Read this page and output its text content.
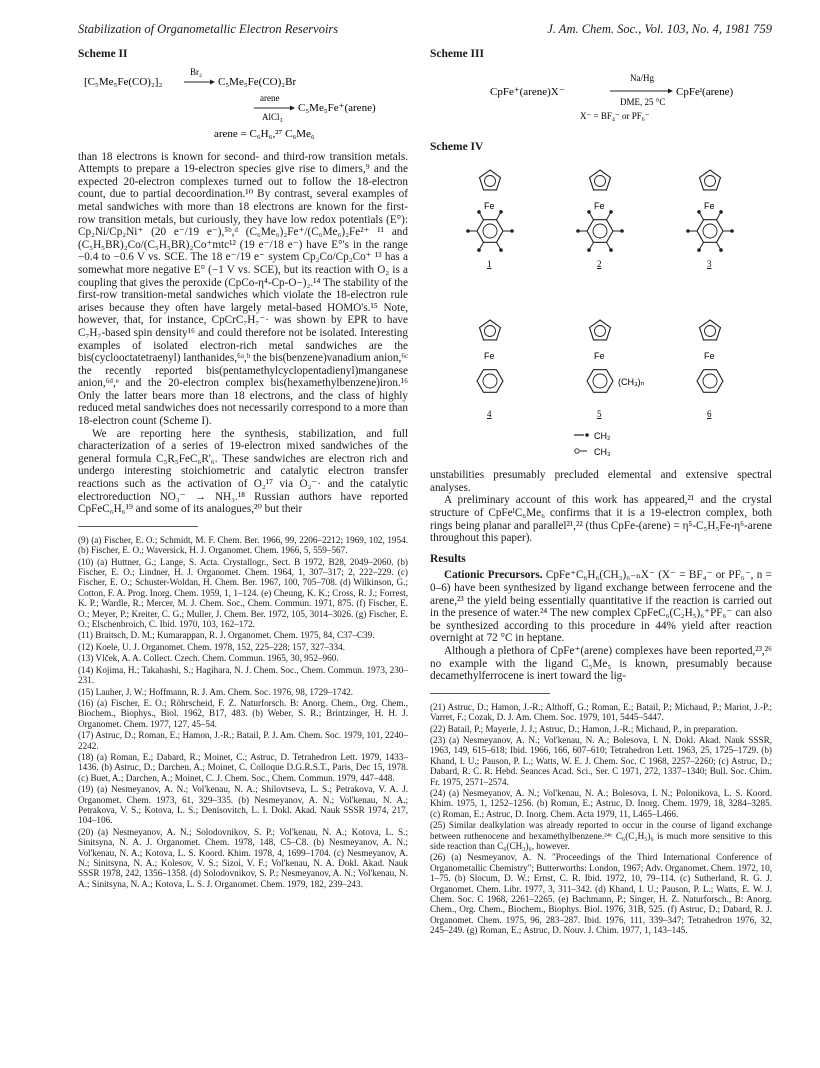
Stabilization of Organometallic Electron Reservoirs	J. Am. Chem. Soc., Vol. 103, No. 4, 1981 759
Scheme II
[C₅Me₅Fe(CO)₂]₂
Br₂
C₅Me₅Fe(CO)₂Br
arene
AlCl₃
C₅Me₅Fe⁺(arene)
arene = C₆H₆,²⁷ C₆Me₆

than 18 electrons is known for second- and third-row transition metals. Attempts to prepare a 19-electron species give rise to dimers,⁹ and the expected 20-electron complexes turned out to follow the 18-electron count, due to partial decoordination.¹⁰ By contrast, several examples of metal sandwiches with more than 18 electrons are known for the first-row transition metals, but curiously, they have low redox potentials (E°): Cp₂Ni/Cp₂Ni⁺ (20 e⁻/19 e⁻),⁵ᵇ,ᵈ (C₆Me₆)₂Fe⁺/(C₆Me₆)₂Fe²⁺ ¹¹ and (C₅H₅BR)₂Co/(C₅H₅BR)₂Co⁺mtc¹² (19 e⁻/18 e⁻) have E°'s in the range −0.4 to −0.6 V vs. SCE. The 18 e⁻/19 e⁻ system Cp₂Co/Cp₂Co⁺ ¹³ has a somewhat more negative E° (−1 V vs. SCE), but its reaction with O₂ is a coupling that gives the peroxide (CpCo-η⁴-Cp-O−)₂.¹⁴ The stability of the first-row transition-metal sandwiches which violate the 18-electron rule arises because they often have largely metal-based HOMO's.¹⁵ Note, however, that, for instance, CpCrC₇H₇⁻· was shown by EPR to have C₇H₇-based spin density¹⁶ and could therefore not be isolated. Interesting examples of isolated electron-rich metal sandwiches are the bis(cyclooctatetraenyl) lanthanides,⁶ᵃ,ᵇ the bis(benzene)vanadium anion,⁶ᶜ the recently reported bis(pentamethylcyclopentadienyl)manganese anion,⁶ᵈ,ᵉ and the 20-electron complex bis(hexamethylbenzene)iron.¹⁶ Only the latter bears more than 18 electrons, and the class of highly reduced metal sandwiches does not necessarily correspond to a more than 18-electron count (Scheme I).

We are reporting here the synthesis, stabilization, and full characterization of a series of 19-electron mixed sandwiches of the general formula C₅R₅FeC₆R'₆. These sandwiches are electron rich and undergo interesting stoichiometric and catalytic electron transfer reactions such as the activation of O₂¹⁷ via O₂⁻· and the catalytic electroreduction NO₃⁻ → NH₃.¹⁸ Russian authors have reported CpFeC₆H₆¹⁹ and some of its analogues,²⁰ but their

(9) (a) Fischer, E. O.; Schmidt, M. F. Chem. Ber. 1966, 99, 2206–2212; 1969, 102, 1954. (b) Fischer, E. O.; Waversick, H. J. Organomet. Chem. 1966, 5, 559–567.
(10) (a) Huttner, G.; Lange, S. Acta. Crystallogr., Sect. B 1972, B28, 2049–2060. (b) Fischer, E. O.; Lindner, H. J. Organomet. Chem. 1964, 1, 307–317; 2, 222–229. (c) Fischer, E. O.; Schuster-Woldan, H. Chem. Ber. 1967, 100, 705–708. (d) Wilkinson, G.; Cotton, F. A. Prog. Inorg. Chem. 1959, 1, 1–124. (e) Cheung, K. K.; Cross, R. J.; Forrest, K. P.; Wardle, R.; Mercer, M. J. Chem. Soc., Chem. Commun. 1971, 875. (f) Fischer, E. O.; Meyer, P.; Kreiter, C. G.; Muller, J. Chem. Ber. 1972, 105, 3014–3026. (g) Fischer, E. O.; Elschenbroich, C. Ibid. 1970, 103, 162–172.
(11) Braitsch, D. M.; Kumarappan, R. J. Organomet. Chem. 1975, 84, C37–C39.
(12) Koele, U. J. Organomet. Chem. 1978, 152, 225–228; 157, 327–334.
(13) Vlček, A. A. Collect. Czech. Chem. Commun. 1965, 30, 952–960.
(14) Kojima, H.; Takahashi, S.; Hagihara, N. J. Chem. Soc., Chem. Commun. 1973, 230–231.
(15) Lauher, J. W.; Hoffmann, R. J. Am. Chem. Soc. 1976, 98, 1729–1742.
(16) (a) Fischer, E. O.; Röhrscheid, F. Z. Naturforsch. B: Anorg. Chem., Org. Chem., Biochem., Biophys., Biol. 1962, B17, 483. (b) Weber, S. R.; Brintzinger, H. H. J. Organomet. Chem. 1977, 127, 45–54.
(17) Astruc, D.; Roman, E.; Hamon, J.-R.; Batail, P. J. Am. Chem. Soc. 1979, 101, 2240–2242.
(18) (a) Roman, E.; Dabard, R.; Moinet, C.; Astruc, D. Tetrahedron Lett. 1979, 1433–1436. (b) Astruc, D.; Darchen, A.; Moinet, C. Colloque D.G.R.S.T., Paris, Dec 15, 1978. (c) Buet, A.; Darchen, A.; Moinet, C. J. Chem. Soc., Chem. Commun. 1979, 447–448.
(19) (a) Nesmeyanov, A. N.; Vol'kenau, N. A.; Shilovtseva, L. S.; Petrakova, V. A. J. Organomet. Chem. 1973, 61, 329–335. (b) Nesmeyanov, A. N.; Vol'kenau, N. A.; Petrakova, V. S.; Kotova, L. S.; Denisovitch, L. I. Dokl. Akad. Nauk SSSR 1974, 217, 104–106.
(20) (a) Nesmeyanov, A. N.; Solodovnikov, S. P.; Vol'kenau, N. A.; Kotova, L. S.; Sinitsyna, N. A. J. Organomet. Chem. 1978, 148, C5–C8. (b) Nesmeyanov, A. N.; Vol'kenau, N. A.; Kotova, L. S. Koord. Khim. 1978, 4, 1699–1704. (c) Nesmeyanov, A. N.; Sinitsyna, N. A.; Kolesov, V. S.; Sizoi, V. F.; Vol'kenau, N. A. Dokl. Akad. Nauk SSSR 1978, 242, 1356–1358. (d) Solodovnikov, S. P.; Nesmeyanov, A. N.; Vol'kenau, N. A.; Sinitsyna, N. A.; Kotova, L. S. J. Organomet. Chem. 1979, 182, 239–243.
Scheme III
CpFe⁺(arene)X⁻
Na/Hg
DME, 25 °C
CpFeᴵ(arene)
X⁻ = BF₄⁻ or PF₆⁻
Scheme IV
Fe
1
Fe
2
Fe
3
Fe
4
Fe
5
Fe
6
(CH₃)ₙ
CH₂
CH₃

unstabilities presumably precluded elemental and extensive spectral analyses.

A preliminary account of this work has appeared,²¹ and the crystal structure of CpFeᴵC₆Me₆ confirms that it is a 19-electron complex, both rings being planar and parallel²¹,²² (thus CpFe-(arene) = η⁵-C₅H₅Fe-η⁶-arene throughout this paper).

Results

Cationic Precursors. CpFe⁺C₆H₆(CH₃)₆₋ₙX⁻ (X⁻ = BF₄⁻ or PF₆⁻, n = 0–6) have been synthesized by ligand exchange between ferrocene and the arene,²³ the yield being essentially quantitative if the reaction is carried out in the presence of water.²⁴ The new complex CpFeC₆(C₂H₅)₆⁺PF₆⁻ can also be synthesized according to this procedure in 44% yield after reaction overnight at 72 °C in heptane.

Although a plethora of CpFe⁺(arene) complexes have been reported,²³,²⁶ no example with the ligand C₅Me₅ is known, presumably because decamethylferrocene is inert toward the lig-

(21) Astruc, D.; Hamon, J.-R.; Althoff, G.; Roman, E.; Batail, P.; Michaud, P.; Mariot, J.-P.; Varret, F.; Cozak, D. J. Am. Chem. Soc. 1979, 101, 5445–5447.
(22) Batail, P.; Mayerle, J. J.; Astruc, D.; Hamon, J.-R.; Michaud, P., in preparation.
(23) (a) Nesmeyanov, A. N.; Vol'kenau, N. A.; Bolesova, I. N. Dokl. Akad. Nauk SSSR, 1963, 149, 615–618; Ibid. 1966, 166, 607–610; Tetrahedron Lett. 1963, 25, 1725–1729. (b) Khand, I. U.; Pauson, P. L.; Watts, W. E. J. Chem. Soc. C 1968, 2257–2260; (c) Astruc, D.; Dabard, R. C. R. Hebd. Seances Acad. Sci., Ser. C 1971, 272, 1337–1340; Bull. Soc. Chim. Fr. 1975, 2571–2574.
(24) (a) Nesmeyanov, A. N.; Vol'kenau, N. A.; Bolesova, I. N.; Polonikova, L. S. Koord. Khim. 1975, 1, 1252–1256. (b) Roman, E.; Astruc, D. Inorg. Chem. 1979, 18, 3284–3285. (c) Roman, E.; Astruc, D. Inorg. Chem. Acta 1979, 11, L465–L466.
(25) Similar dealkylation was already reported to occur in the course of ligand exchange between ruthenocene and hexamethylbenzene.²⁴ᶜ C₆(C₂H₅)₆ is much more sensitive to this side reaction than C₆(CH₃)₆, however.
(26) (a) Nesmeyanov, A. N. "Proceedings of the Third International Conference of Organometallic Chemistry"; Butterworths: London, 1967; Adv. Organomet. Chem. 1972, 10, 1–75. (b) Slocum, D. W.; Ernst, C. R. Ibid. 1972, 10, 79–114. (c) Sutherland, R. G. J. Organomet. Chem. Libr. 1977, 3, 311–342. (d) Khand, I. U.; Pauson, P. L.; Watts, E. W. J. Chem. Soc. C 1968, 2261–2265. (e) Bachmann, P.; Singer, H. Z. Naturforsch., B: Anorg. Chem., Org. Chem., Biochem., Biophys. Biol. 1976, 31B, 525. (f) Astruc, D.; Dabard, R. J. Organomet. Chem. 1975, 96, 283–287. Ibid. 1976, 111, 339–347; Tetrahedron 1976, 32, 245–249. (g) Roman, E.; Astruc, D. Nouv. J. Chim. 1977, 1, 143–145.
